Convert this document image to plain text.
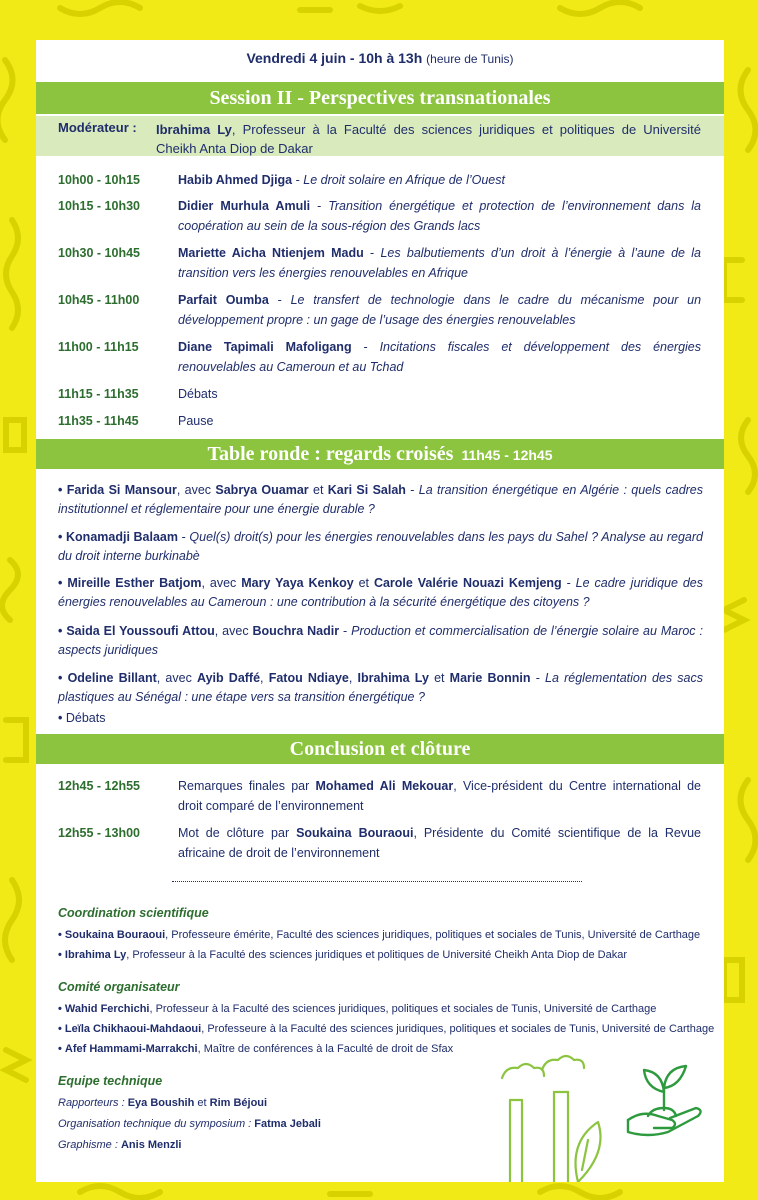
Vendredi 4 juin - 10h à 13h (heure de Tunis)
Session II - Perspectives transnationales
Modérateur : Ibrahima Ly, Professeur à la Faculté des sciences juridiques et politiques de Université Cheikh Anta Diop de Dakar
10h00 - 10h15	Habib Ahmed Djiga - Le droit solaire en Afrique de l’Ouest
10h15 - 10h30	Didier Murhula Amuli - Transition énergétique et protection de l’environnement dans la coopération au sein de la sous-région des Grands lacs
10h30 - 10h45	Mariette Aicha Ntienjem Madu - Les balbutiements d’un droit à l’énergie à l’aune de la transition vers les énergies renouvelables en Afrique
10h45 - 11h00	Parfait Oumba - Le transfert de technologie dans le cadre du mécanisme pour un développement propre : un gage de l’usage des énergies renouvelables
11h00 - 11h15	Diane Tapimali Mafoligang - Incitations fiscales et développement des énergies renouvelables au Cameroun et au Tchad
11h15 - 11h35	Débats
11h35 - 11h45	Pause
Table ronde : regards croisés 11h45 - 12h45
• Farida Si Mansour, avec Sabrya Ouamar et Kari Si Salah - La transition énergétique en Algérie : quels cadres institutionnel et réglementaire pour une énergie durable ?
• Konamadji Balaam - Quel(s) droit(s) pour les énergies renouvelables dans les pays du Sahel ? Analyse au regard du droit interne burkinabè
• Mireille Esther Batjom, avec Mary Yaya Kenkoy et Carole Valérie Nouazi Kemjeng - Le cadre juridique des énergies renouvelables au Cameroun : une contribution à la sécurité énergétique des citoyens ?
• Saida El Youssoufi Attou, avec Bouchra Nadir - Production et commercialisation de l’énergie solaire au Maroc : aspects juridiques
• Odeline Billant, avec Ayib Daffé, Fatou Ndiaye, Ibrahima Ly et Marie Bonnin - La réglementation des sacs plastiques au Sénégal : une étape vers sa transition énergétique ?
• Débats
Conclusion et clôture
12h45 - 12h55	Remarques finales par Mohamed Ali Mekouar, Vice-président du Centre international de droit comparé de l’environnement
12h55 - 13h00	Mot de clôture par Soukaina Bouraoui, Présidente du Comité scientifique de la Revue africaine de droit de l’environnement
Coordination scientifique
• Soukaina Bouraoui, Professeure émérite, Faculté des sciences juridiques, politiques et sociales de Tunis, Université de Carthage
• Ibrahima Ly, Professeur à la Faculté des sciences juridiques et politiques de Université Cheikh Anta Diop de Dakar
Comité organisateur
• Wahid Ferchichi, Professeur à la Faculté des sciences juridiques, politiques et sociales de Tunis, Université de Carthage
• Leïla Chikhaoui-Mahdaoui, Professeure à la Faculté des sciences juridiques, politiques et sociales de Tunis, Université de Carthage
• Afef Hammami-Marrakchi, Maître de conférences à la Faculté de droit de Sfax
Equipe technique
Rapporteurs : Eya Boushih et Rim Béjoui
Organisation technique du symposium : Fatma Jebali
Graphisme : Anis Menzli
